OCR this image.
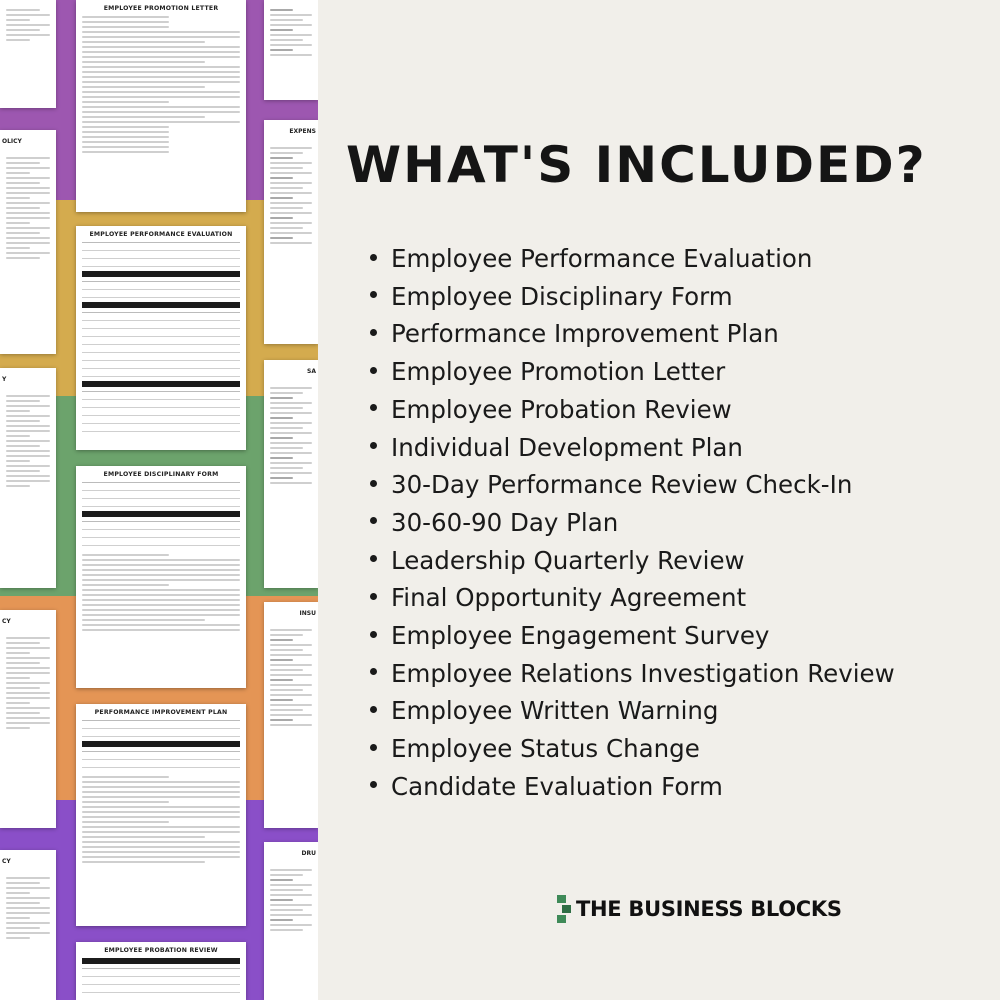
OLICY
Y
CY
CY
EXPENS
SA
INSU
DRU
EMPLOYEE PROMOTION LETTER
EMPLOYEE PERFORMANCE EVALUATION
EMPLOYEE DISCIPLINARY FORM
PERFORMANCE IMPROVEMENT PLAN
EMPLOYEE PROBATION REVIEW
WHAT'S INCLUDED?
Employee Performance Evaluation
Employee Disciplinary Form
Performance Improvement Plan
Employee Promotion Letter
Employee Probation Review
Individual Development Plan
30-Day Performance Review Check-In
30-60-90 Day Plan
Leadership Quarterly Review
Final Opportunity Agreement
Employee Engagement Survey
Employee Relations Investigation Review
Employee Written Warning
Employee Status Change
Candidate Evaluation Form
THE BUSINESS BLOCKS
